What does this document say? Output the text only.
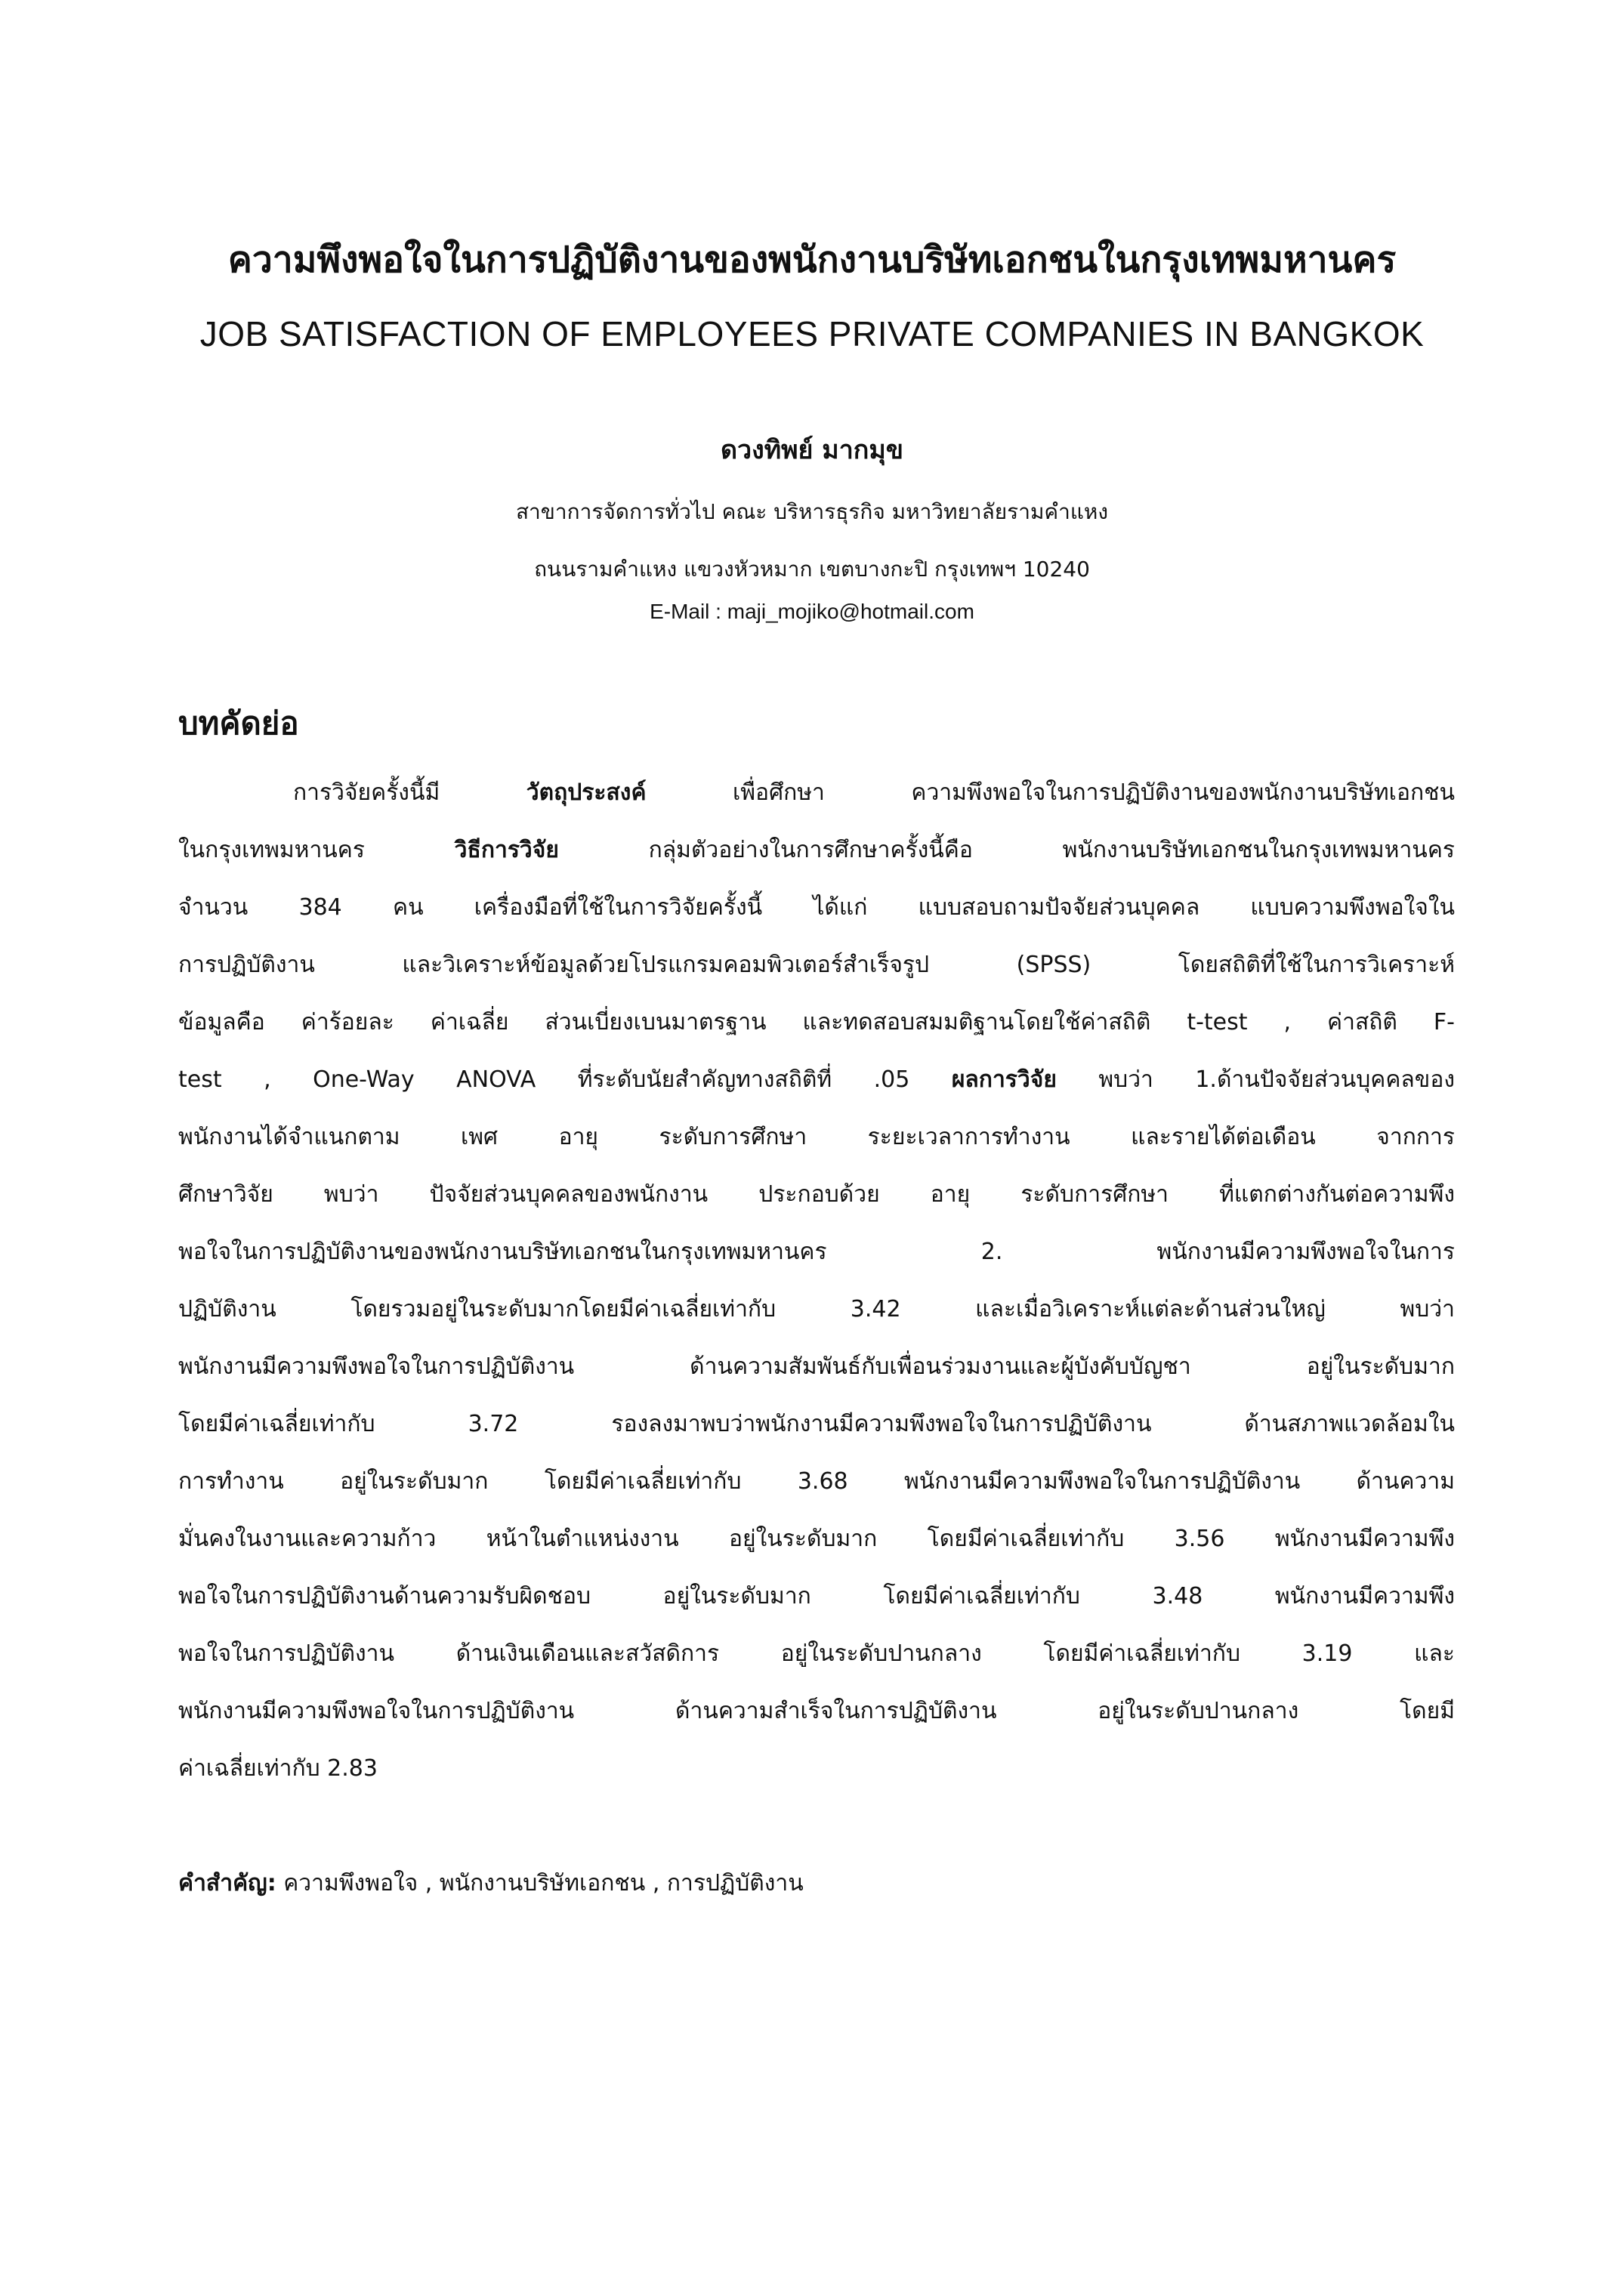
ความพึงพอใจในการปฏิบัติงานของพนักงานบริษัทเอกชนในกรุงเทพมหานคร
JOB SATISFACTION OF EMPLOYEES PRIVATE COMPANIES IN BANGKOK
ดวงทิพย์ มากมุข
สาขาการจัดการทั่วไป คณะ บริหารธุรกิจ มหาวิทยาลัยรามคำแหง
ถนนรามคำแหง แขวงหัวหมาก เขตบางกะปิ กรุงเทพฯ 10240
E-Mail : maji_mojiko@hotmail.com
บทคัดย่อ
การวิจัยครั้งนี้มี วัตถุประสงค์ เพื่อศึกษา ความพึงพอใจในการปฏิบัติงานของพนักงานบริษัทเอกชน
ในกรุงเทพมหานคร วิธีการวิจัย กลุ่มตัวอย่างในการศึกษาครั้งนี้คือ พนักงานบริษัทเอกชนในกรุงเทพมหานคร
จำนวน 384 คน เครื่องมือที่ใช้ในการวิจัยครั้งนี้ ได้แก่ แบบสอบถามปัจจัยส่วนบุคคล แบบความพึงพอใจใน
การปฏิบัติงาน และวิเคราะห์ข้อมูลด้วยโปรแกรมคอมพิวเตอร์สำเร็จรูป (SPSS) โดยสถิติที่ใช้ในการวิเคราะห์
ข้อมูลคือ ค่าร้อยละ ค่าเฉลี่ย ส่วนเบี่ยงเบนมาตรฐาน และทดสอบสมมติฐานโดยใช้ค่าสถิติ t-test , ค่าสถิติ F-
test , One-Way ANOVA ที่ระดับนัยสำคัญทางสถิติที่ .05 ผลการวิจัย พบว่า 1.ด้านปัจจัยส่วนบุคคลของ
พนักงานได้จำแนกตาม เพศ อายุ ระดับการศึกษา ระยะเวลาการทำงาน และรายได้ต่อเดือน จากการ
ศึกษาวิจัย พบว่า ปัจจัยส่วนบุคคลของพนักงาน ประกอบด้วย อายุ ระดับการศึกษา ที่แตกต่างกันต่อความพึง
พอใจในการปฏิบัติงานของพนักงานบริษัทเอกชนในกรุงเทพมหานคร 2. พนักงานมีความพึงพอใจในการ
ปฏิบัติงาน โดยรวมอยู่ในระดับมากโดยมีค่าเฉลี่ยเท่ากับ 3.42 และเมื่อวิเคราะห์แต่ละด้านส่วนใหญ่ พบว่า
พนักงานมีความพึงพอใจในการปฏิบัติงาน ด้านความสัมพันธ์กับเพื่อนร่วมงานและผู้บังคับบัญชา อยู่ในระดับมาก
โดยมีค่าเฉลี่ยเท่ากับ 3.72 รองลงมาพบว่าพนักงานมีความพึงพอใจในการปฏิบัติงาน ด้านสภาพแวดล้อมใน
การทำงาน อยู่ในระดับมาก โดยมีค่าเฉลี่ยเท่ากับ 3.68 พนักงานมีความพึงพอใจในการปฏิบัติงาน ด้านความ
มั่นคงในงานและความก้าว หน้าในตำแหน่งงาน อยู่ในระดับมาก โดยมีค่าเฉลี่ยเท่ากับ 3.56 พนักงานมีความพึง
พอใจในการปฏิบัติงานด้านความรับผิดชอบ อยู่ในระดับมาก โดยมีค่าเฉลี่ยเท่ากับ 3.48 พนักงานมีความพึง
พอใจในการปฏิบัติงาน ด้านเงินเดือนและสวัสดิการ อยู่ในระดับปานกลาง โดยมีค่าเฉลี่ยเท่ากับ 3.19 และ
พนักงานมีความพึงพอใจในการปฏิบัติงาน ด้านความสำเร็จในการปฏิบัติงาน อยู่ในระดับปานกลาง โดยมี
ค่าเฉลี่ยเท่ากับ 2.83
คำสำคัญ: ความพึงพอใจ , พนักงานบริษัทเอกชน , การปฏิบัติงาน
